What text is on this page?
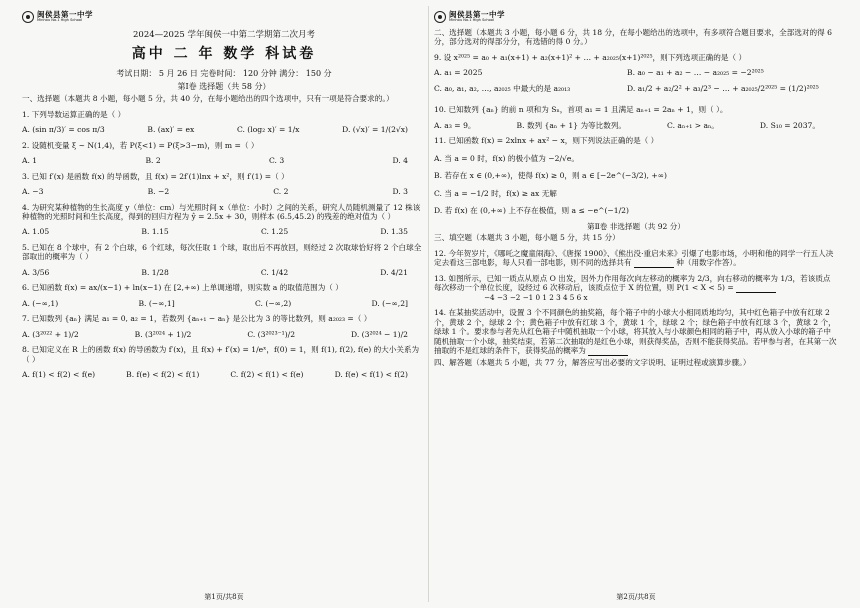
闽侯县第一中学
Minhou No.1 High School
2024—2025 学年闽侯一中第二学期第二次月考
高中 二 年 数学 科试卷
考试日期： 5 月 26 日 完卷时间： 120 分钟 满分： 150 分
第Ⅰ卷 选择题（共 58 分）
一、选择题（本题共 8 小题，每小题 5 分，共 40 分，在每小题给出的四个选项中，只有一项是符合要求的。）
1. 下列导数运算正确的是（ ）
A. (sin π/3)′ = cos π/3	B. (ax)′ = ex	C. (log₂ x)′ = 1/x	D. (√x)′ = 1/(2√x)
2. 设随机变量 ξ ~ N(1,4)，若 P(ξ<1) = P(ξ>3−m)，则 m =（ ）
A. 1	B. 2	C. 3	D. 4
3. 已知 f′(x) 是函数 f(x) 的导函数，且 f(x) = 2f′(1)lnx + x²，则 f′(1) =（ ）
A. −3	B. −2	C. 2	D. 3
4. 为研究某种植物的生长高度 y（单位：cm）与光照时间 x（单位：小时）之间的关系，研究人员随机测量了 12 株该种植物的光照时间和生长高度，得到的回归方程为 ŷ = 2.5x + 30，则样本 (6.5,45.2) 的残差的绝对值为（ ）
A. 1.05	B. 1.15	C. 1.25	D. 1.35
5. 已知在 8 个球中，有 2 个白球，6 个红球，每次任取 1 个球，取出后不再放回，则经过 2 次取球恰好将 2 个白球全部取出的概率为（ ）
A. 3/56	B. 1/28	C. 1/42	D. 4/21
6. 已知函数 f(x) = ax/(x−1) + ln(x−1) 在 [2,+∞) 上单调递增，则实数 a 的取值范围为（ ）
A. (−∞,1)	B. (−∞,1]	C. (−∞,2)	D. (−∞,2]
7. 已知数列 {aₙ} 满足 a₁ = 0, a₂ = 1，若数列 {aₙ₊₁ − aₙ} 是公比为 3 的等比数列，则 a₂₀₂₃ =（ ）
A. (3²⁰²² + 1)/2	B. (3²⁰²⁴ + 1)/2	C. (3²⁰²³⁻¹)/2	D. (3²⁰²⁴ − 1)/2
8. 已知定义在 R 上的函数 f(x) 的导函数为 f′(x)，且 f(x) + f′(x) = 1/eˣ，f(0) = 1，则 f(1), f(2), f(e) 的大小关系为（ ）
A. f(1) < f(2) < f(e)	B. f(e) < f(2) < f(1)	C. f(2) < f(1) < f(e)	D. f(e) < f(1) < f(2)
第1页/共8页
闽侯县第一中学
Minhou No.1 High School
二、选择题（本题共 3 小题，每小题 6 分，共 18 分，在每小题给出的选项中，有多项符合题目要求，全部选对的得 6 分，部分选对的得部分分，有选错的得 0 分。）
9. 设 x²⁰²⁵ = a₀ + a₁(x+1) + a₂(x+1)² + … + a₂₀₂₅(x+1)²⁰²⁵，则下列选项正确的是（ ）
A. a₁ = 2025	B. a₀ − a₁ + a₂ − … − a₂₀₂₅ = −2²⁰²⁵
C. a₀, a₁, a₂, …, a₂₀₂₅ 中最大的是 a₂₀₁₃	D. a₁/2 + a₂/2² + a₃/2³ − … + a₂₀₂₅/2²⁰²⁵ = (1/2)²⁰²⁵
10. 已知数列 {aₙ} 的前 n 项和为 Sₙ，首项 a₁ = 1 且满足 aₙ₊₁ = 2aₙ + 1，则（ ）。
A. a₃ = 9。	B. 数列 {aₙ + 1} 为等比数列。	C. aₙ₊₁ > aₙ。	D. S₁₀ = 2037。
11. 已知函数 f(x) = 2xlnx + ax² − x，则下列说法正确的是（ ）
A. 当 a = 0 时，f(x) 的极小值为 −2/√e。
B. 若存在 x ∈ (0,+∞)，使得 f(x) ≥ 0，则 a ∈ [−2e^(−3/2), +∞)
C. 当 a = −1/2 时，f(x) ≥ ax 无解
D. 若 f(x) 在 (0,+∞) 上不存在极值，则 a ≤ −e^(−1/2)
第Ⅱ卷 非选择题（共 92 分）
三、填空题（本题共 3 小题，每小题 5 分，共 15 分）
12. 今年贺岁片，《哪吒之魔童闹海》、《唐探 1900》、《熊出没·重启未来》引爆了电影市场，小明和他的同学一行五人决定去看这三部电影，每人只看一部电影，则不同的选择共有	种（用数字作答）。
13. 如图所示，已知一质点从原点 O 出发，因外力作用每次向左移动的概率为 2/3，向右移动的概率为 1/3，若该质点每次移动一个单位长度，设经过 6 次移动后，该质点位于 X 的位置，则 P(1 < X < 5) =  −4 −3 −2 −1 0 1 2 3 4 5 6 x
14. 在某抽奖活动中，设置 3 个不同颜色的抽奖箱，每个箱子中的小球大小相同质地均匀，其中红色箱子中放有红球 2 个，黄球 2 个，绿球 2 个；黄色箱子中放有红球 3 个，黄球 1 个，绿球 2 个；绿色箱子中放有红球 3 个，黄球 2 个，绿球 1 个。要求参与者先从红色箱子中随机抽取一个小球，将其放入与小球颜色相同的箱子中，再从放入小球的箱子中随机抽取一个小球，抽奖结束，若第二次抽取的是红色小球，则获得奖品，否则不能获得奖品。若甲参与者，在其第一次抽取的不是红球的条件下，获得奖品的概率为
四、解答题（本题共 5 小题，共 77 分，解答应写出必要的文字说明、证明过程或演算步骤。）
第2页/共8页
